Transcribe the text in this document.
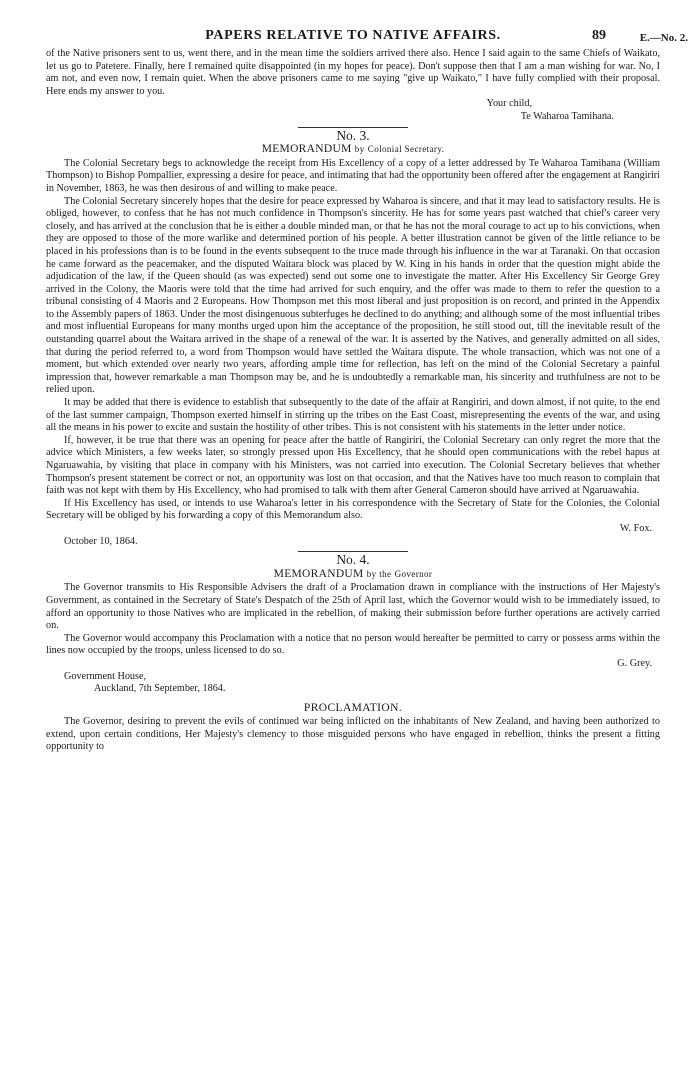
PAPERS RELATIVE TO NATIVE AFFAIRS.	89	E.—No. 2.

of the Native prisoners sent to us, went there, and in the mean time the soldiers arrived there also. Hence I said again to the same Chiefs of Waikato, let us go to Patetere. Finally, here I remained quite disappointed (in my hopes for peace). Don't suppose then that I am a man wishing for war. No, I am not, and even now, I remain quiet. When the above prisoners came to me saying "give up Waikato," I have fully complied with their proposal. Here ends my answer to you.

Your child,

Te Waharoa Tamihana.

No. 3.
MEMORANDUM by Colonial Secretary.

The Colonial Secretary begs to acknowledge the receipt from His Excellency of a copy of a letter addressed by Te Waharoa Tamihana (William Thompson) to Bishop Pompallier, expressing a desire for peace, and intimating that had the opportunity been offered after the engagement at Rangiriri in November, 1863, he was then desirous of and willing to make peace.

The Colonial Secretary sincerely hopes that the desire for peace expressed by Waharoa is sincere, and that it may lead to satisfactory results. He is obliged, however, to confess that he has not much confidence in Thompson's sincerity. He has for some years past watched that chief's career very closely, and has arrived at the conclusion that he is either a double minded man, or that he has not the moral courage to act up to his convictions, when they are opposed to those of the more warlike and determined portion of his people. A better illustration cannot be given of the little reliance to be placed in his professions than is to be found in the events subsequent to the truce made through his influence in the war at Taranaki. On that occasion he came forward as the peacemaker, and the disputed Waitara block was placed by W. King in his hands in order that the question might abide the adjudication of the law, if the Queen should (as was expected) send out some one to investigate the matter. After His Excellency Sir George Grey arrived in the Colony, the Maoris were told that the time had arrived for such enquiry, and the offer was made to them to refer the question to a tribunal consisting of 4 Maoris and 2 Europeans. How Thompson met this most liberal and just proposition is on record, and printed in the Appendix to the Assembly papers of 1863. Under the most disingenuous subterfuges he declined to do anything; and although some of the most influential tribes and most influential Europeans for many months urged upon him the acceptance of the proposition, he still stood out, till the inevitable result of the outstanding quarrel about the Waitara arrived in the shape of a renewal of the war. It is asserted by the Natives, and generally admitted on all sides, that during the period referred to, a word from Thompson would have settled the Waitara dispute. The whole transaction, which was not one of a moment, but which extended over nearly two years, affording ample time for reflection, has left on the mind of the Colonial Secretary a painful impression that, however remarkable a man Thompson may be, and he is undoubtedly a remarkable man, his sincerity and truthfulness are not to be relied upon.

It may be added that there is evidence to establish that subsequently to the date of the affair at Rangiriri, and down almost, if not quite, to the end of the last summer campaign, Thompson exerted himself in stirring up the tribes on the East Coast, misrepresenting the events of the war, and using all the means in his power to excite and sustain the hostility of other tribes. This is not consistent with his statements in the letter under notice.

If, however, it be true that there was an opening for peace after the battle of Rangiriri, the Colonial Secretary can only regret the more that the advice which Ministers, a few weeks later, so strongly pressed upon His Excellency, that he should open communications with the rebel hapus at Ngaruawahia, by visiting that place in company with his Ministers, was not carried into execution. The Colonial Secretary believes that whether Thompson's present statement be correct or not, an opportunity was lost on that occasion, and that the Natives have too much reason to complain that faith was not kept with them by His Excellency, who had promised to talk with them after General Cameron should have arrived at Ngaruawahia.

If His Excellency has used, or intends to use Waharoa's letter in his correspondence with the Secretary of State for the Colonies, the Colonial Secretary will be obliged by his forwarding a copy of this Memorandum also.

W. Fox.

October 10, 1864.

No. 4.
MEMORANDUM by the Governor

The Governor transmits to His Responsible Advisers the draft of a Proclamation drawn in compliance with the instructions of Her Majesty's Government, as contained in the Secretary of State's Despatch of the 25th of April last, which the Governor would wish to be immediately issued, to afford an opportunity to those Natives who are implicated in the rebellion, of making their submission before further operations are actively carried on.

The Governor would accompany this Proclamation with a notice that no person would hereafter be permitted to carry or possess arms within the lines now occupied by the troops, unless licensed to do so.

G. Grey.

Government House,

Auckland, 7th September, 1864.

PROCLAMATION.

The Governor, desiring to prevent the evils of continued war being inflicted on the inhabitants of New Zealand, and having been authorized to extend, upon certain conditions, Her Majesty's clemency to those misguided persons who have engaged in rebellion, thinks the present a fitting opportunity to
